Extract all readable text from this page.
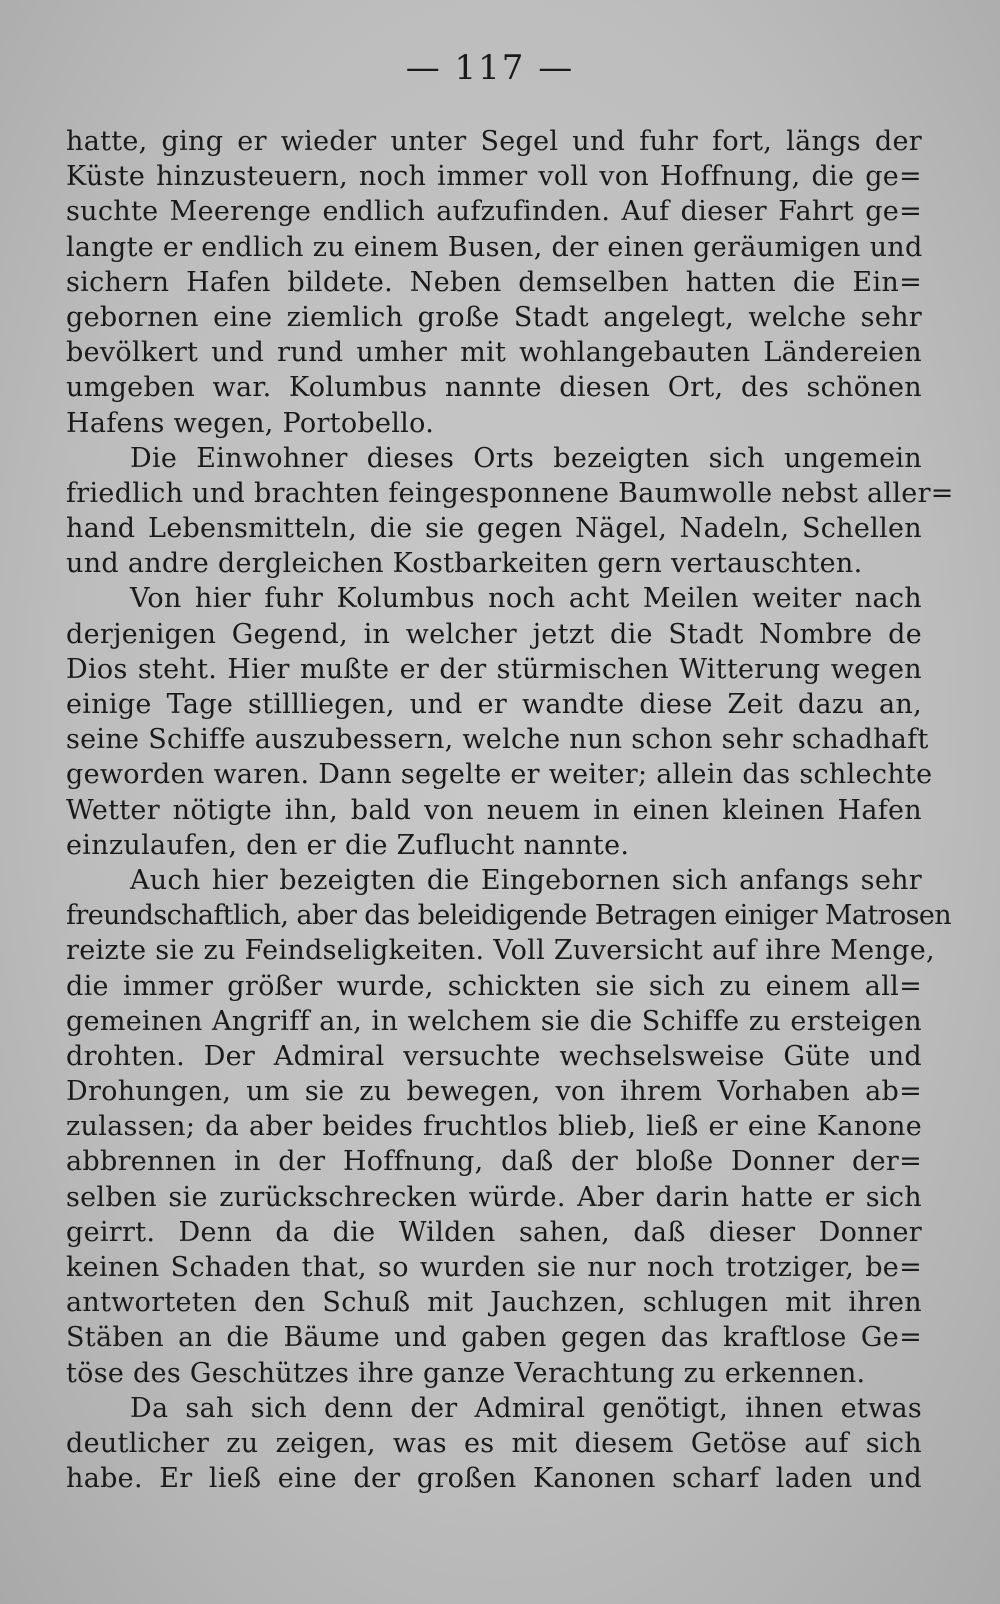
— 117 —
hatte, ging er wieder unter Segel und fuhr fort, längs der
Küste hinzusteuern, noch immer voll von Hoffnung, die ge=
suchte Meerenge endlich aufzufinden. Auf dieser Fahrt ge=
langte er endlich zu einem Busen, der einen geräumigen und
sichern Hafen bildete. Neben demselben hatten die Ein=
gebornen eine ziemlich große Stadt angelegt, welche sehr
bevölkert und rund umher mit wohlangebauten Ländereien
umgeben war. Kolumbus nannte diesen Ort, des schönen
Hafens wegen, Portobello.
Die Einwohner dieses Orts bezeigten sich ungemein
friedlich und brachten feingesponnene Baumwolle nebst aller=
hand Lebensmitteln, die sie gegen Nägel, Nadeln, Schellen
und andre dergleichen Kostbarkeiten gern vertauschten.
Von hier fuhr Kolumbus noch acht Meilen weiter nach
derjenigen Gegend, in welcher jetzt die Stadt Nombre de
Dios steht. Hier mußte er der stürmischen Witterung wegen
einige Tage stillliegen, und er wandte diese Zeit dazu an,
seine Schiffe auszubessern, welche nun schon sehr schadhaft
geworden waren. Dann segelte er weiter; allein das schlechte
Wetter nötigte ihn, bald von neuem in einen kleinen Hafen
einzulaufen, den er die Zuflucht nannte.
Auch hier bezeigten die Eingebornen sich anfangs sehr
freundschaftlich, aber das beleidigende Betragen einiger Matrosen
reizte sie zu Feindseligkeiten. Voll Zuversicht auf ihre Menge,
die immer größer wurde, schickten sie sich zu einem all=
gemeinen Angriff an, in welchem sie die Schiffe zu ersteigen
drohten. Der Admiral versuchte wechselsweise Güte und
Drohungen, um sie zu bewegen, von ihrem Vorhaben ab=
zulassen; da aber beides fruchtlos blieb, ließ er eine Kanone
abbrennen in der Hoffnung, daß der bloße Donner der=
selben sie zurückschrecken würde. Aber darin hatte er sich
geirrt. Denn da die Wilden sahen, daß dieser Donner
keinen Schaden that, so wurden sie nur noch trotziger, be=
antworteten den Schuß mit Jauchzen, schlugen mit ihren
Stäben an die Bäume und gaben gegen das kraftlose Ge=
töse des Geschützes ihre ganze Verachtung zu erkennen.
Da sah sich denn der Admiral genötigt, ihnen etwas
deutlicher zu zeigen, was es mit diesem Getöse auf sich
habe. Er ließ eine der großen Kanonen scharf laden und
